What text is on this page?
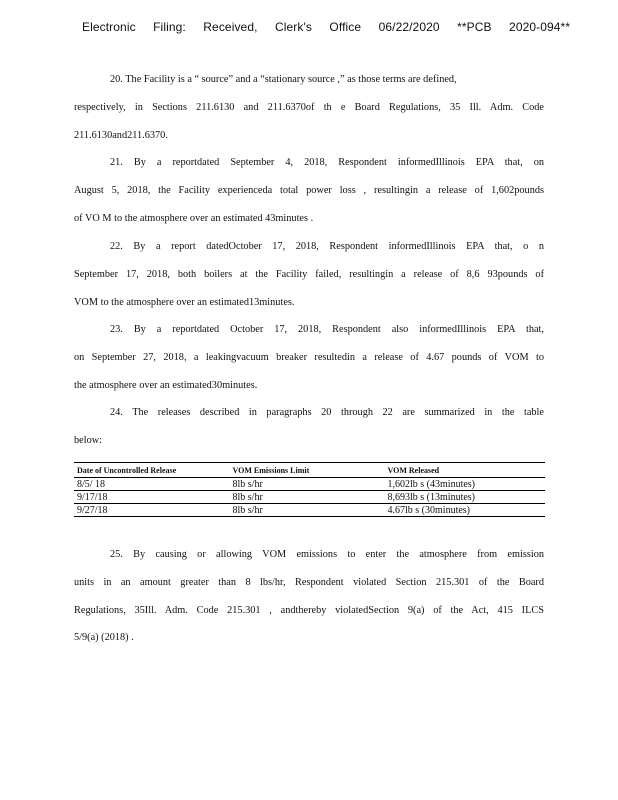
Electronic Filing: Received, Clerk's Office 06/22/2020 **PCB 2020-094**
20. The Facility is a “ source” and a “stationary source ,” as those terms are defined,
respectively, in Sections 211.6130 and 211.6370of th e Board Regulations, 35 Ill. Adm. Code
211.6130and211.6370.
21. By a reportdated September 4, 2018, Respondent informedIllinois EPA that, on
August 5, 2018, the Facility experienceda total power loss , resultingin a release of 1,602pounds
of VO M to the atmosphere over an estimated 43minutes .
22. By a report datedOctober 17, 2018, Respondent informedIllinois EPA that, o n
September 17, 2018, both boilers at the Facility failed, resultingin a release of 8,6 93pounds of
VOM to the atmosphere over an estimated13minutes.
23. By a reportdated October 17, 2018, Respondent also informedIllinois EPA that,
on September 27, 2018, a leakingvacuum breaker resultedin a release of 4.67 pounds of VOM to
the atmosphere over an estimated30minutes.
24. The releases described in paragraphs 20 through 22 are summarized in the table
below:
Date of Uncontrolled Release	VOM Emissions Limit	VOM Released
8/5/ 18	8lb s/hr	1,602lb s (43minutes)
9/17/18	8lb s/hr	8,693lb s (13minutes)
9/27/18	8lb s/hr	4.67lb s (30minutes)
25. By causing or allowing VOM emissions to enter the atmosphere from emission
units in an amount greater than 8 lbs/hr, Respondent violated Section 215.301 of the Board
Regulations, 35Ill. Adm. Code 215.301 , andthereby violatedSection 9(a) of the Act, 415 ILCS
5/9(a) (2018) .
